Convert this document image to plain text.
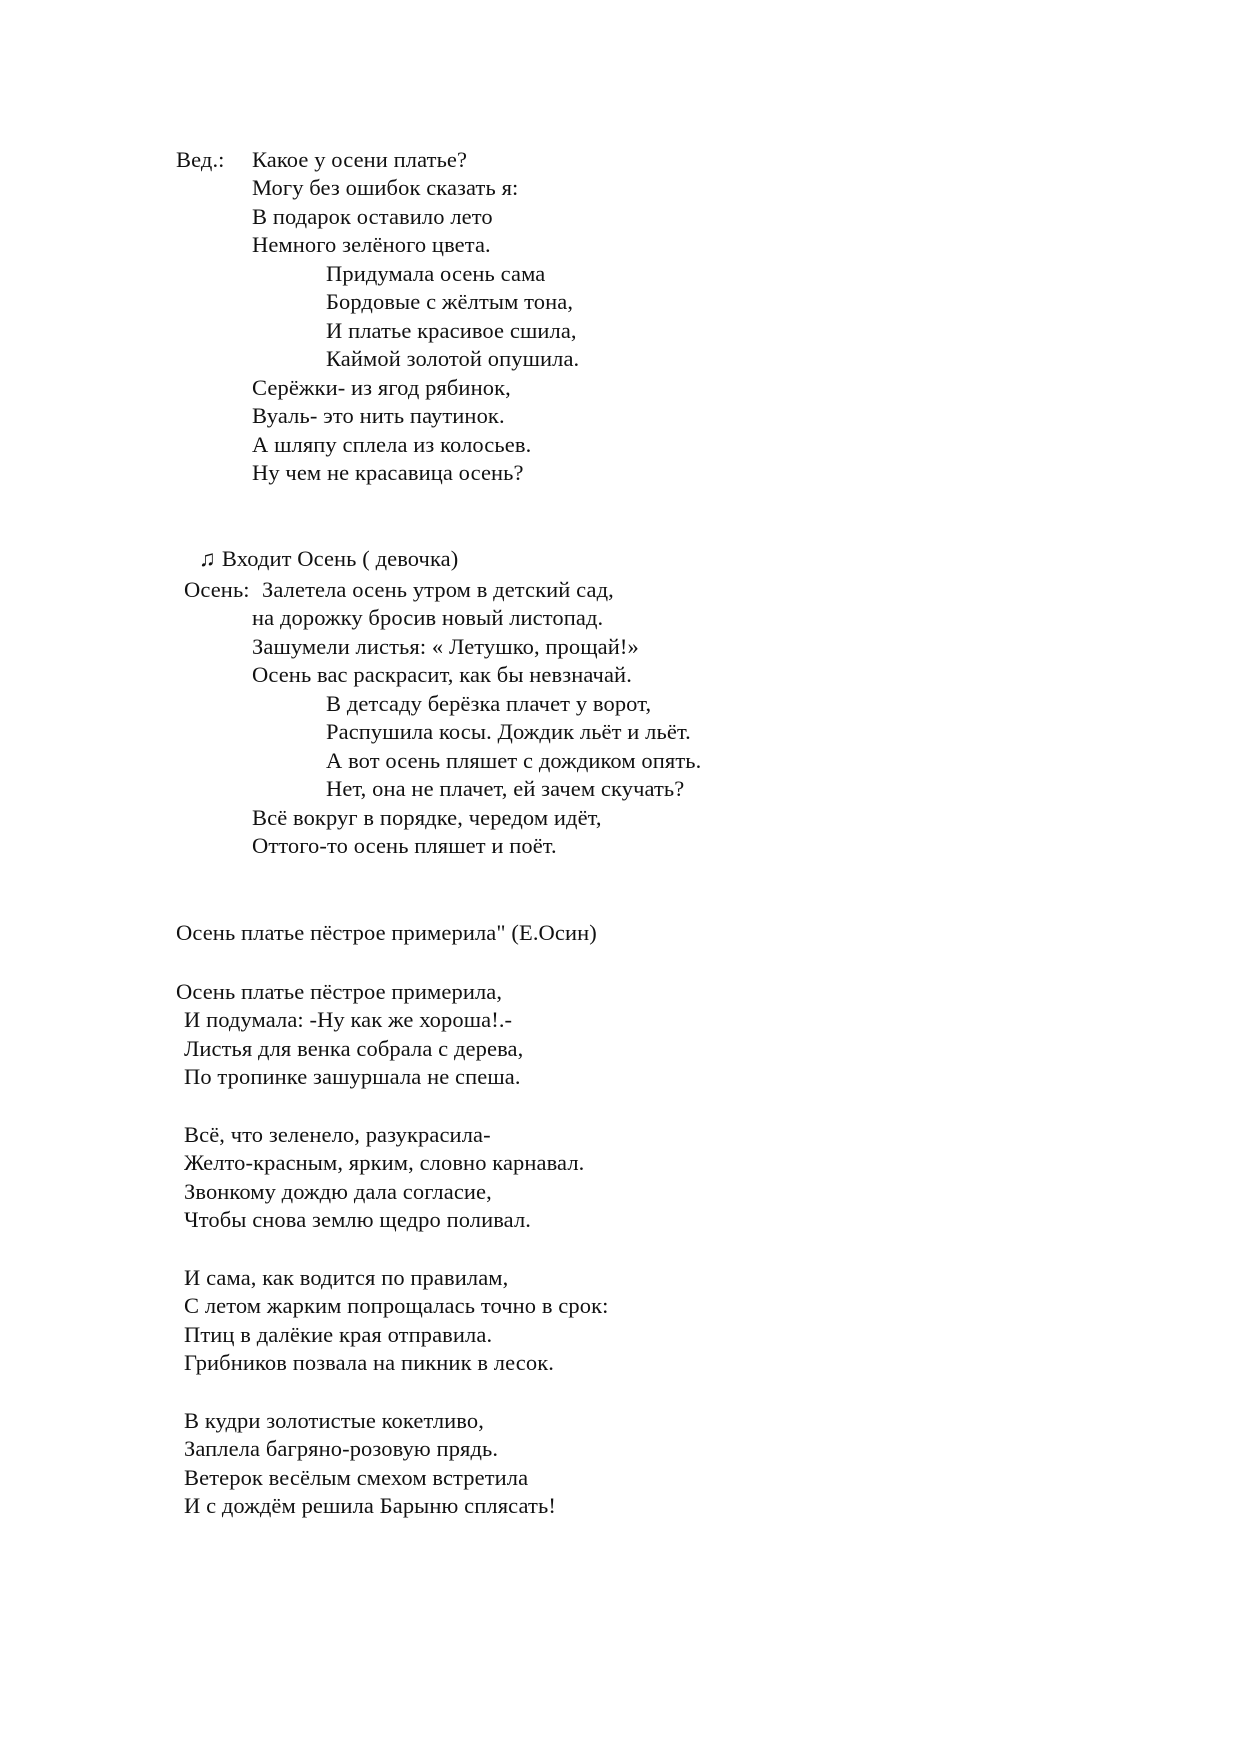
Вед.: Какое у осени платье?
Могу без ошибок сказать я:
В подарок оставило лето
Немного зелёного цвета.
Придумала осень сама
Бордовые с жёлтым тона,
И платье красивое сшила,
Каймой золотой опушила.
Серёжки- из ягод рябинок,
Вуаль- это нить паутинок.
А шляпу сплела из колосьев.
Ну чем не красавица осень?

♫ Входит Осень ( девочка)

Осень: Залетела осень утром в детский сад,
на дорожку бросив новый листопад.
Зашумели листья: « Летушко, прощай!»
Осень вас раскрасит, как бы невзначай.
В детсаду берёзка плачет у ворот,
Распушила косы. Дождик льёт и льёт.
А вот осень пляшет с дождиком опять.
Нет, она не плачет, ей зачем скучать?
Всё вокруг в порядке, чередом идёт,
Оттого-то осень пляшет и поёт.
Осень платье пёстрое примерила" (Е.Осин)
Осень платье пёстрое примерила,
И подумала: -Ну как же хороша!.-
Листья для венка собрала с дерева,
По тропинке зашуршала не спеша.
Всё, что зеленело, разукрасила-
Желто-красным, ярким, словно карнавал.
Звонкому дождю дала согласие,
Чтобы снова землю щедро поливал.
И сама, как водится по правилам,
С летом жарким попрощалась точно в срок:
Птиц в далёкие края отправила.
Грибников позвала на пикник в лесок.
В кудри золотистые кокетливо,
Заплела багряно-розовую прядь.
Ветерок весёлым смехом встретила
И с дождём решила Барыню сплясать!
